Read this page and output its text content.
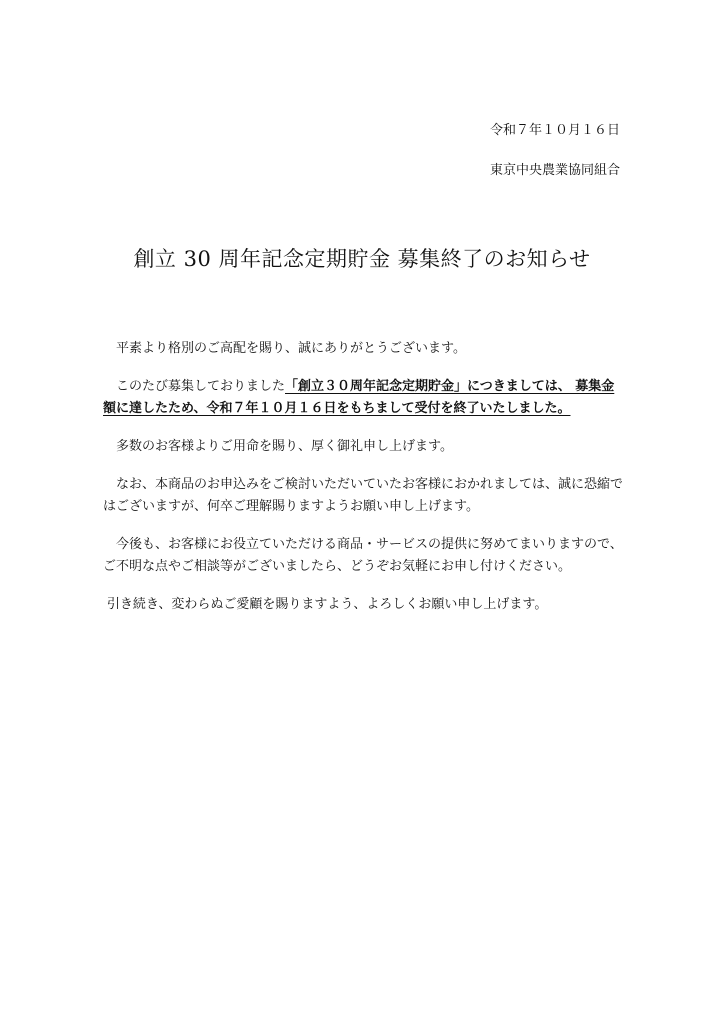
令和７年１０月１６日
東京中央農業協同組合
創立 30 周年記念定期貯金 募集終了のお知らせ

平素より格別のご高配を賜り、誠にありがとうございます。

このたび募集しておりました「創立３０周年記念定期貯金」につきましては、 募集金額に達したため、令和７年１０月１６日をもちまして受付を終了いたしました。

多数のお客様よりご用命を賜り、厚く御礼申し上げます。

なお、本商品のお申込みをご検討いただいていたお客様におかれましては、誠に恐縮ではございますが、何卒ご理解賜りますようお願い申し上げます。

今後も、お客様にお役立ていただける商品・サービスの提供に努めてまいりますので、 ご不明な点やご相談等がございましたら、どうぞお気軽にお申し付けください。

引き続き、変わらぬご愛顧を賜りますよう、よろしくお願い申し上げます。
